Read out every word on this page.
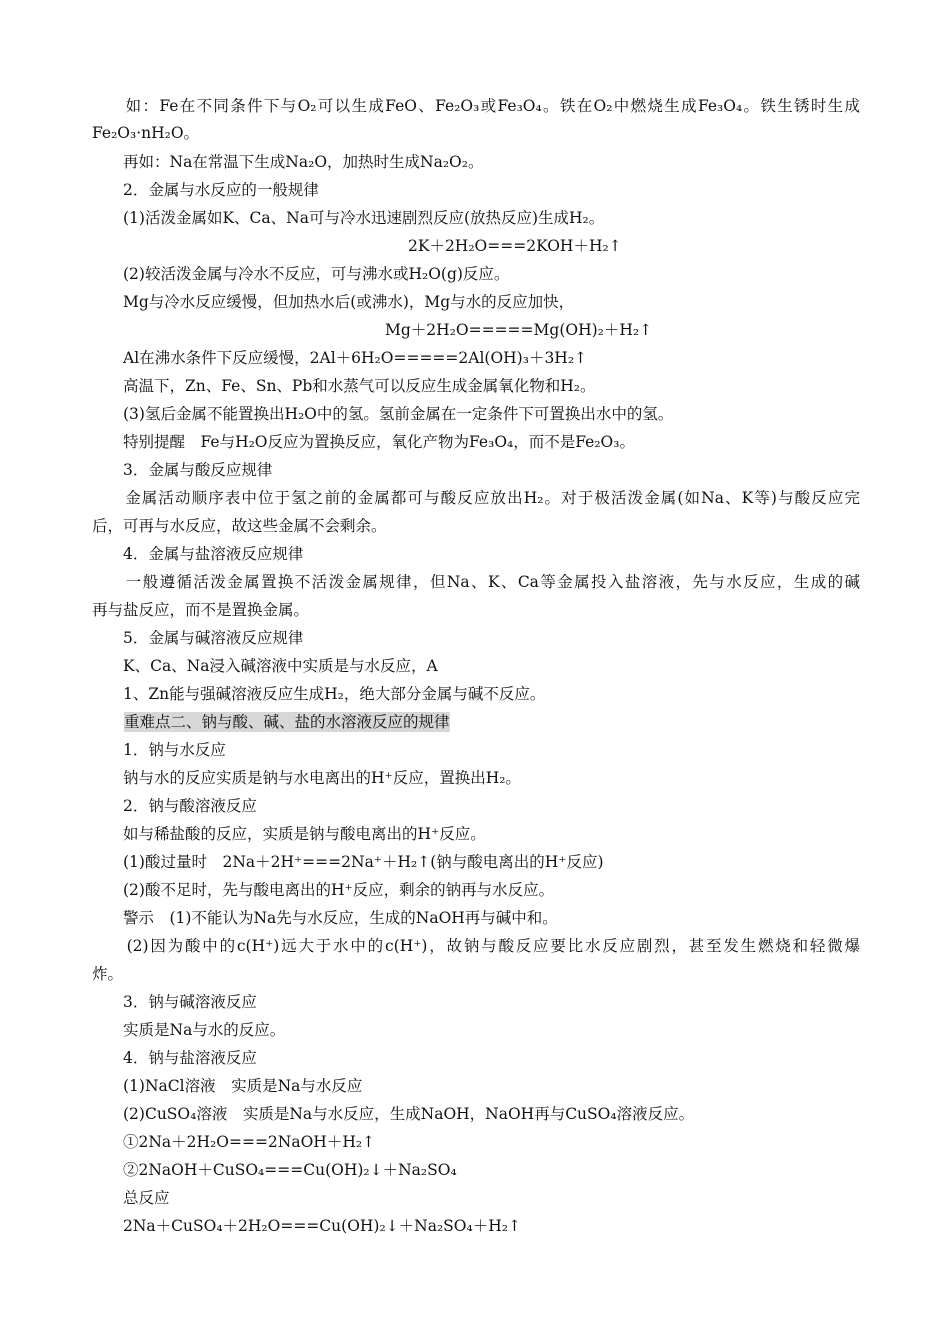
　　如：Fe在不同条件下与O₂可以生成FeO、Fe₂O₃或Fe₃O₄。铁在O₂中燃烧生成Fe₃O₄。铁生锈时生成
Fe₂O₃·nH₂O。
　　再如：Na在常温下生成Na₂O，加热时生成Na₂O₂。
　　2．金属与水反应的一般规律
　　(1)活泼金属如K、Ca、Na可与冷水迅速剧烈反应(放热反应)生成H₂。
2K＋2H₂O===2KOH＋H₂↑
　　(2)较活泼金属与冷水不反应，可与沸水或H₂O(g)反应。
　　Mg与冷水反应缓慢，但加热水后(或沸水)，Mg与水的反应加快，
Mg＋2H₂O=====Mg(OH)₂＋H₂↑
　　Al在沸水条件下反应缓慢，2Al＋6H₂O=====2Al(OH)₃＋3H₂↑
　　高温下，Zn、Fe、Sn、Pb和水蒸气可以反应生成金属氧化物和H₂。
　　(3)氢后金属不能置换出H₂O中的氢。氢前金属在一定条件下可置换出水中的氢。
　　特别提醒　Fe与H₂O反应为置换反应，氧化产物为Fe₃O₄，而不是Fe₂O₃。
　　3．金属与酸反应规律
　　金属活动顺序表中位于氢之前的金属都可与酸反应放出H₂。对于极活泼金属(如Na、K等)与酸反应完
后，可再与水反应，故这些金属不会剩余。
　　4．金属与盐溶液反应规律
　　一般遵循活泼金属置换不活泼金属规律，但Na、K、Ca等金属投入盐溶液，先与水反应，生成的碱
再与盐反应，而不是置换金属。
　　5．金属与碱溶液反应规律
　　K、Ca、Na浸入碱溶液中实质是与水反应，A
　　1、Zn能与强碱溶液反应生成H₂，绝大部分金属与碱不反应。
重难点二、钠与酸、碱、盐的水溶液反应的规律
　　1．钠与水反应
　　钠与水的反应实质是钠与水电离出的H⁺反应，置换出H₂。
　　2．钠与酸溶液反应
　　如与稀盐酸的反应，实质是钠与酸电离出的H⁺反应。
　　(1)酸过量时　2Na＋2H⁺===2Na⁺＋H₂↑(钠与酸电离出的H⁺反应)
　　(2)酸不足时，先与酸电离出的H⁺反应，剩余的钠再与水反应。
　　警示　(1)不能认为Na先与水反应，生成的NaOH再与碱中和。
　　(2)因为酸中的c(H⁺)远大于水中的c(H⁺)，故钠与酸反应要比水反应剧烈，甚至发生燃烧和轻微爆
炸。
　　3．钠与碱溶液反应
　　实质是Na与水的反应。
　　4．钠与盐溶液反应
　　(1)NaCl溶液　实质是Na与水反应
　　(2)CuSO₄溶液　实质是Na与水反应，生成NaOH，NaOH再与CuSO₄溶液反应。
　　①2Na＋2H₂O===2NaOH＋H₂↑
　　②2NaOH＋CuSO₄===Cu(OH)₂↓＋Na₂SO₄
　　总反应
　　2Na＋CuSO₄＋2H₂O===Cu(OH)₂↓＋Na₂SO₄＋H₂↑
